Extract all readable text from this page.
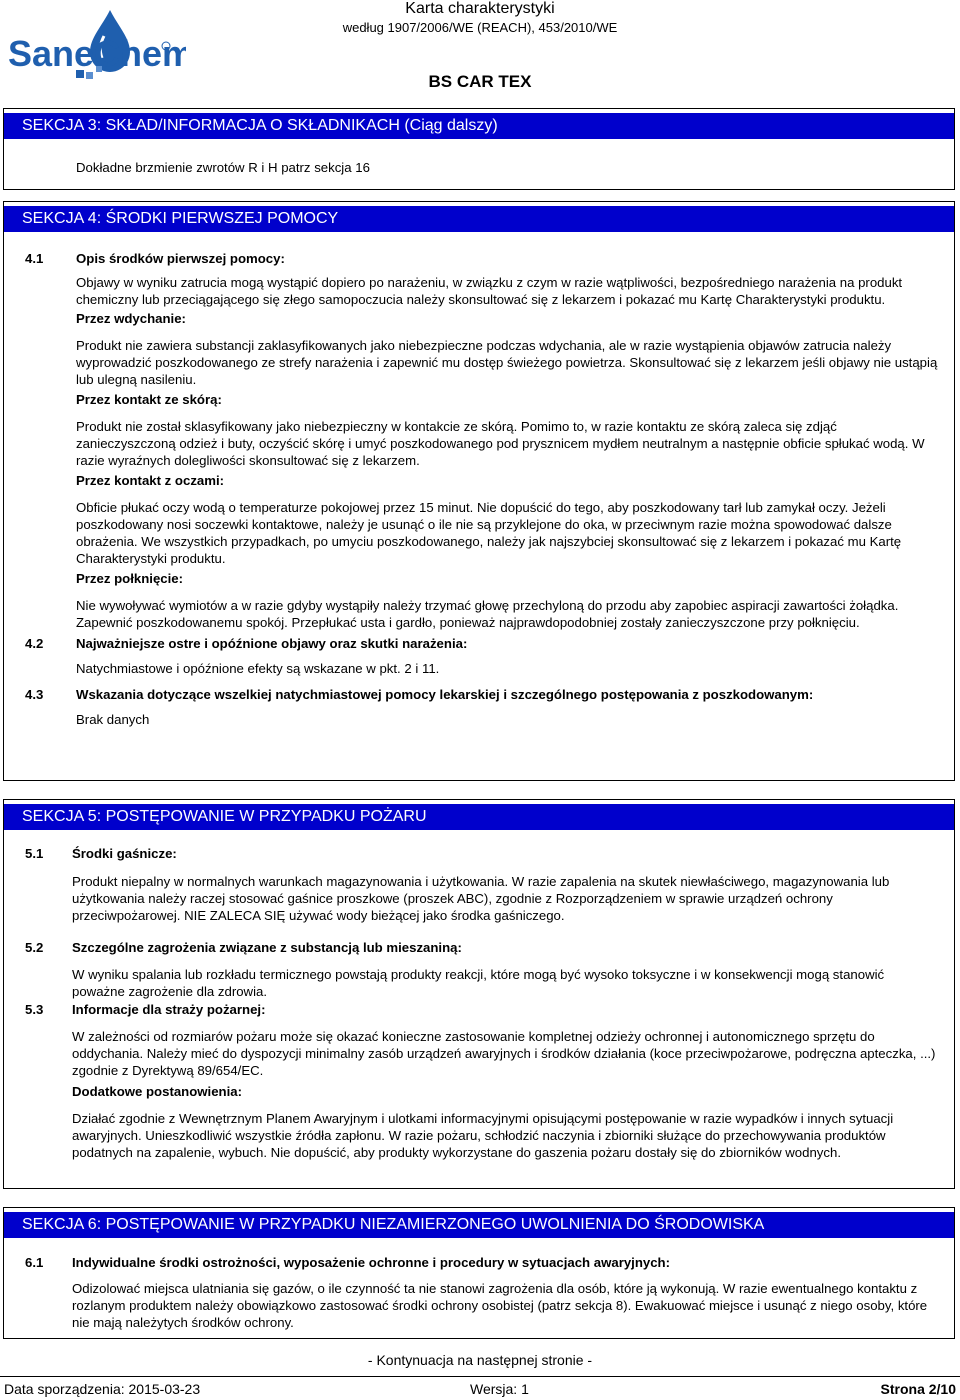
SaneChem
Karta charakterystyki
według 1907/2006/WE (REACH), 453/2010/WE
BS CAR TEX
SEKCJA 3: SKŁAD/INFORMACJA O SKŁADNIKACH (Ciąg dalszy)

Dokładne brzmienie zwrotów R i H patrz sekcja 16

SEKCJA 4: ŚRODKI PIERWSZEJ POMOCY
4.1	Opis środków pierwszej pomocy:

Objawy w wyniku zatrucia mogą wystąpić dopiero po narażeniu, w związku z czym w razie wątpliwości, bezpośredniego narażenia na produkt chemiczny lub przeciągającego się złego samopoczucia należy skonsultować się z lekarzem i pokazać mu Kartę Charakterystyki produktu.

Przez wdychanie:

Produkt nie zawiera substancji zaklasyfikowanych jako niebezpieczne podczas wdychania, ale w razie wystąpienia objawów zatrucia należy wyprowadzić poszkodowanego ze strefy narażenia i zapewnić mu dostęp świeżego powietrza. Skonsultować się z lekarzem jeśli objawy nie ustąpią lub ulegną nasileniu.

Przez kontakt ze skórą:

Produkt nie został sklasyfikowany jako niebezpieczny w kontakcie ze skórą. Pomimo to, w razie kontaktu ze skórą zaleca się zdjąć zanieczyszczoną odzież i buty, oczyścić skórę i umyć poszkodowanego pod prysznicem mydłem neutralnym a następnie obficie spłukać wodą. W razie wyraźnych dolegliwości skonsultować się z lekarzem.

Przez kontakt z oczami:

Obficie płukać oczy wodą o temperaturze pokojowej przez 15 minut. Nie dopuścić do tego, aby poszkodowany tarł lub zamykał oczy. Jeżeli poszkodowany nosi soczewki kontaktowe, należy je usunąć o ile nie są przyklejone do oka, w przeciwnym razie można spowodować dalsze obrażenia. We wszystkich przypadkach, po umyciu poszkodowanego, należy jak najszybciej skonsultować się z lekarzem i pokazać mu Kartę Charakterystyki produktu.

Przez połknięcie:

Nie wywoływać wymiotów a w razie gdyby wystąpiły należy trzymać głowę przechyloną do przodu aby zapobiec aspiracji zawartości żołądka. Zapewnić poszkodowanemu spokój. Przepłukać usta i gardło, ponieważ najprawdopodobniej zostały zanieczyszczone przy połknięciu.

4.2	Najważniejsze ostre i opóźnione objawy oraz skutki narażenia:

Natychmiastowe i opóźnione efekty są wskazane w pkt. 2 i 11.

4.3	Wskazania dotyczące wszelkiej natychmiastowej pomocy lekarskiej i szczególnego postępowania z poszkodowanym:

Brak danych

SEKCJA 5: POSTĘPOWANIE W PRZYPADKU POŻARU
5.1	Środki gaśnicze:

Produkt niepalny w normalnych warunkach magazynowania i użytkowania. W razie zapalenia na skutek niewłaściwego, magazynowania lub użytkowania należy raczej stosować gaśnice proszkowe (proszek ABC), zgodnie z Rozporządzeniem w sprawie urządzeń ochrony przeciwpożarowej. NIE ZALECA SIĘ używać wody bieżącej jako środka gaśniczego.

5.2	Szczególne zagrożenia związane z substancją lub mieszaniną:

W wyniku spalania lub rozkładu termicznego powstają produkty reakcji, które mogą być wysoko toksyczne i w konsekwencji mogą stanowić poważne zagrożenie dla zdrowia.

5.3	Informacje dla straży pożarnej:

W zależności od rozmiarów pożaru może się okazać konieczne zastosowanie kompletnej odzieży ochronnej i autonomicznego sprzętu do oddychania. Należy mieć do dyspozycji minimalny zasób urządzeń awaryjnych i środków działania (koce przeciwpożarowe, podręczna apteczka, ...) zgodnie z Dyrektywą 89/654/EC.

Dodatkowe postanowienia:

Działać zgodnie z Wewnętrznym Planem Awaryjnym i ulotkami informacyjnymi opisującymi postępowanie w razie wypadków i innych sytuacji awaryjnych. Unieszkodliwić wszystkie źródła zapłonu. W razie pożaru, schłodzić naczynia i zbiorniki służące do przechowywania produktów podatnych na zapalenie, wybuch. Nie dopuścić, aby produkty wykorzystane do gaszenia pożaru dostały się do zbiorników wodnych.

SEKCJA 6: POSTĘPOWANIE W PRZYPADKU NIEZAMIERZONEGO UWOLNIENIA DO ŚRODOWISKA
6.1	Indywidualne środki ostrożności, wyposażenie ochronne i procedury w sytuacjach awaryjnych:

Odizolować miejsca ulatniania się gazów, o ile czynność ta nie stanowi zagrożenia dla osób, które ją wykonują. W razie ewentualnego kontaktu z rozlanym produktem należy obowiązkowo zastosować środki ochrony osobistej (patrz sekcja 8). Ewakuować miejsce i usunąć z niego osoby, które nie mają należytych środków ochrony.

- Kontynuacja na następnej stronie -
Data sporządzenia: 2015-03-23	Wersja: 1	Strona 2/10
